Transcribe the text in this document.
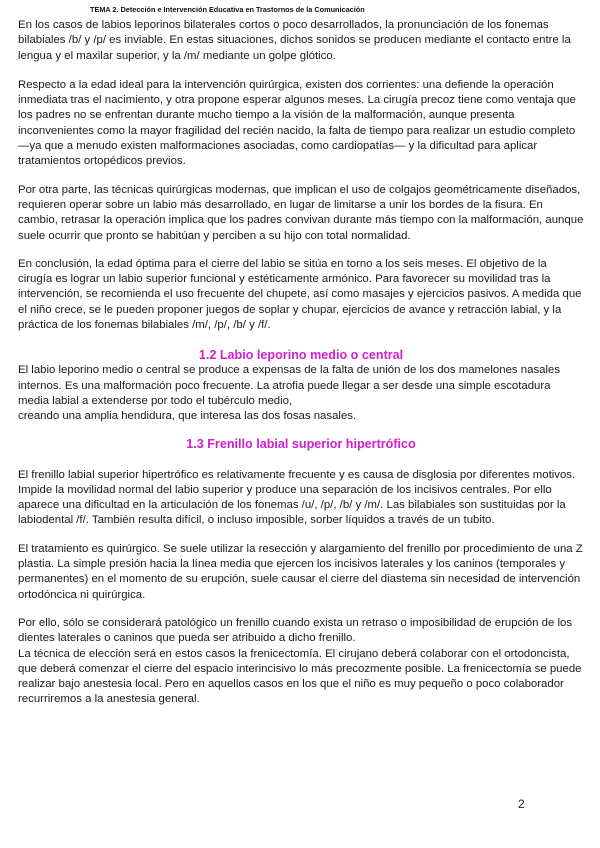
TEMA 2. Detección e Intervención Educativa en Trastornos de la Comunicación

En los casos de labios leporinos bilaterales cortos o poco desarrollados, la pronunciación de los fonemas bilabiales /b/ y /p/ es inviable. En estas situaciones, dichos sonidos se producen mediante el contacto entre la lengua y el maxilar superior, y la /m/ mediante un golpe glótico.

Respecto a la edad ideal para la intervención quirúrgica, existen dos corrientes: una defiende la operación inmediata tras el nacimiento, y otra propone esperar algunos meses. La cirugía precoz tiene como ventaja que los padres no se enfrentan durante mucho tiempo a la visión de la malformación, aunque presenta inconvenientes como la mayor fragilidad del recién nacido, la falta de tiempo para realizar un estudio completo —ya que a menudo existen malformaciones asociadas, como cardiopatías— y la dificultad para aplicar tratamientos ortopédicos previos.

Por otra parte, las técnicas quirúrgicas modernas, que implican el uso de colgajos geométricamente diseñados, requieren operar sobre un labio más desarrollado, en lugar de limitarse a unir los bordes de la fisura. En cambio, retrasar la operación implica que los padres convivan durante más tiempo con la malformación, aunque suele ocurrir que pronto se habitúan y perciben a su hijo con total normalidad.

En conclusión, la edad óptima para el cierre del labio se sitúa en torno a los seis meses. El objetivo de la cirugía es lograr un labio superior funcional y estéticamente armónico. Para favorecer su movilidad tras la intervención, se recomienda el uso frecuente del chupete, así como masajes y ejercicios pasivos. A medida que el niño crece, se le pueden proponer juegos de soplar y chupar, ejercicios de avance y retracción labial, y la práctica de los fonemas bilabiales /m/, /p/, /b/ y /f/.

1.2 Labio leporino medio o central

El labio leporino medio o central se produce a expensas de la falta de unión de los dos mamelones nasales internos. Es una malformación poco frecuente. La atrofia puede llegar a ser desde una simple escotadura media labial a extenderse por todo el tubérculo medio,

creando una amplia hendidura, que interesa las dos fosas nasales.

1.3 Frenillo labial superior hipertrófico

El frenillo labial superior hipertrófico es relativamente frecuente y es causa de disglosia por diferentes motivos. Impide la movilidad normal del labio superior y produce una separación de los incisivos centrales. Por ello aparece una dificultad en la articulación de los fonemas /u/, /p/, /b/ y /m/. Las bilabiales son sustituidas por la labiodental /f/. También resulta difícil, o incluso imposible, sorber líquidos a través de un tubito.

El tratamiento es quirúrgico. Se suele utilizar la resección y alargamiento del frenillo por procedimiento de una Z plastia. La simple presión hacia la línea media que ejercen los incisivos laterales y los caninos (temporales y permanentes) en el momento de su erupción, suele causar el cierre del diastema sin necesidad de intervención ortodóncica ni quirúrgica.

Por ello, sólo se considerará patológico un frenillo cuando exista un retraso o imposibilidad de erupción de los dientes laterales o caninos que pueda ser atribuido a dicho frenillo.

La técnica de elección será en estos casos la frenicectomía. El cirujano deberá colaborar con el ortodoncista, que deberá comenzar el cierre del espacio interincisivo lo más precozmente posible. La frenicectomía se puede realizar bajo anestesia local. Pero en aquellos casos en los que el niño es muy pequeño o poco colaborador recurriremos a la anestesia general.

2
